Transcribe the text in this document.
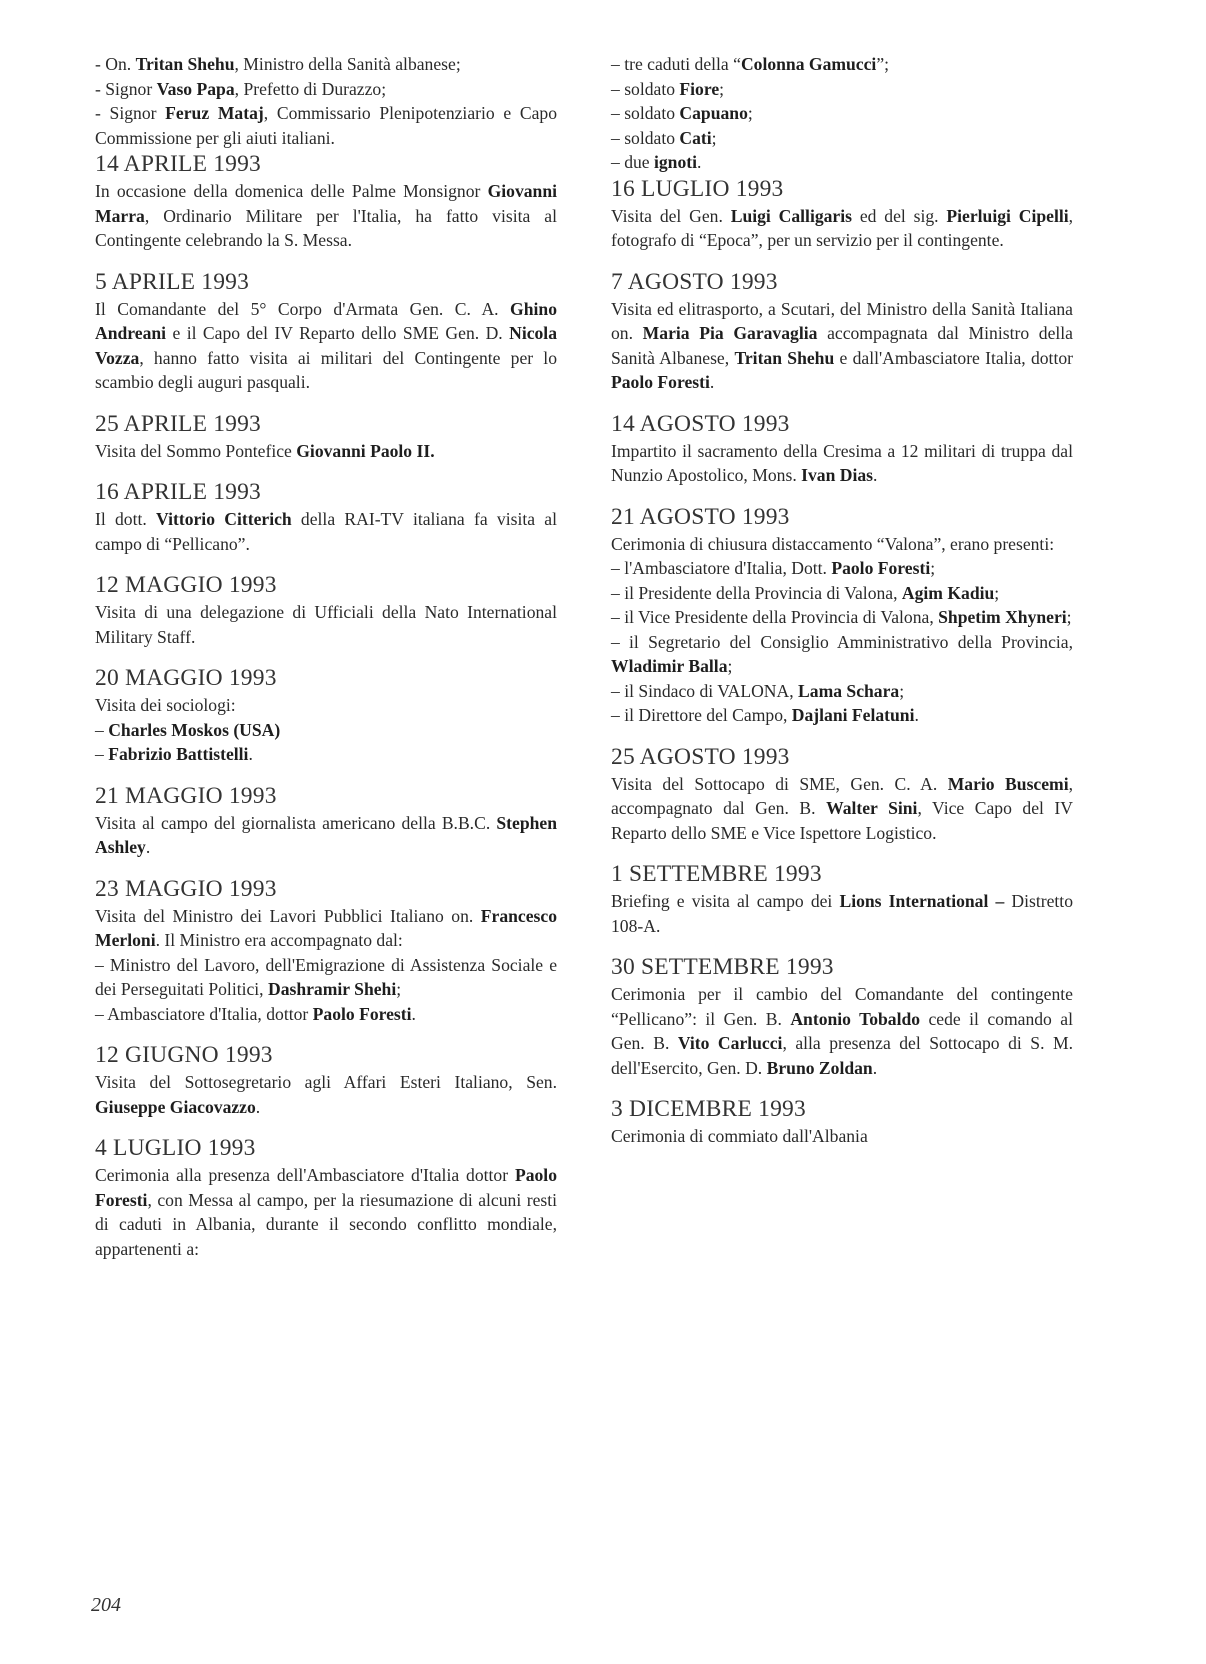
- On. Tritan Shehu, Ministro della Sanità albanese;

- Signor Vaso Papa, Prefetto di Durazzo;

- Signor Feruz Mataj, Commissario Plenipotenziario e Capo Commissione per gli aiuti italiani.

14 APRILE 1993

In occasione della domenica delle Palme Monsignor Giovanni Marra, Ordinario Militare per l'Italia, ha fatto visita al Contingente celebrando la S. Messa.

5 APRILE 1993

Il Comandante del 5° Corpo d'Armata Gen. C. A. Ghino Andreani e il Capo del IV Reparto dello SME Gen. D. Nicola Vozza, hanno fatto visita ai militari del Contingente per lo scambio degli auguri pasquali.

25 APRILE 1993

Visita del Sommo Pontefice Giovanni Paolo II.

16 APRILE 1993

Il dott. Vittorio Citterich della RAI-TV italiana fa visita al campo di “Pellicano”.

12 MAGGIO 1993

Visita di una delegazione di Ufficiali della Nato International Military Staff.

20 MAGGIO 1993

Visita dei sociologi:

– Charles Moskos (USA)

– Fabrizio Battistelli.

21 MAGGIO 1993

Visita al campo del giornalista americano della B.B.C. Stephen Ashley.

23 MAGGIO 1993

Visita del Ministro dei Lavori Pubblici Italiano on. Francesco Merloni. Il Ministro era accompagnato dal:

– Ministro del Lavoro, dell'Emigrazione di Assistenza Sociale e dei Perseguitati Politici, Dashramir Shehi;

– Ambasciatore d'Italia, dottor Paolo Foresti.

12 GIUGNO 1993

Visita del Sottosegretario agli Affari Esteri Italiano, Sen. Giuseppe Giacovazzo.

4 LUGLIO 1993

Cerimonia alla presenza dell'Ambasciatore d'Italia dottor Paolo Foresti, con Messa al campo, per la riesumazione di alcuni resti di caduti in Albania, durante il secondo conflitto mondiale, appartenenti a:

– tre caduti della “Colonna Gamucci”;

– soldato Fiore;

– soldato Capuano;

– soldato Cati;

– due ignoti.

16 LUGLIO 1993

Visita del Gen. Luigi Calligaris ed del sig. Pierluigi Cipelli, fotografo di “Epoca”, per un servizio per il contingente.

7 AGOSTO 1993

Visita ed elitrasporto, a Scutari, del Ministro della Sanità Italiana on. Maria Pia Garavaglia accompagnata dal Ministro della Sanità Albanese, Tritan Shehu e dall'Ambasciatore Italia, dottor Paolo Foresti.

14 AGOSTO 1993

Impartito il sacramento della Cresima a 12 militari di truppa dal Nunzio Apostolico, Mons. Ivan Dias.

21 AGOSTO 1993

Cerimonia di chiusura distaccamento “Valona”, erano presenti:

– l'Ambasciatore d'Italia, Dott. Paolo Foresti;

– il Presidente della Provincia di Valona, Agim Kadiu;

– il Vice Presidente della Provincia di Valona, Shpetim Xhyneri;

– il Segretario del Consiglio Amministrativo della Provincia, Wladimir Balla;

– il Sindaco di VALONA, Lama Schara;

– il Direttore del Campo, Dajlani Felatuni.

25 AGOSTO 1993

Visita del Sottocapo di SME, Gen. C. A. Mario Buscemi, accompagnato dal Gen. B. Walter Sini, Vice Capo del IV Reparto dello SME e Vice Ispettore Logistico.

1 SETTEMBRE 1993

Briefing e visita al campo dei Lions International – Distretto 108-A.

30 SETTEMBRE 1993

Cerimonia per il cambio del Comandante del contingente “Pellicano”: il Gen. B. Antonio Tobaldo cede il comando al Gen. B. Vito Carlucci, alla presenza del Sottocapo di S. M. dell'Esercito, Gen. D. Bruno Zoldan.

3 DICEMBRE 1993

Cerimonia di commiato dall'Albania

204
